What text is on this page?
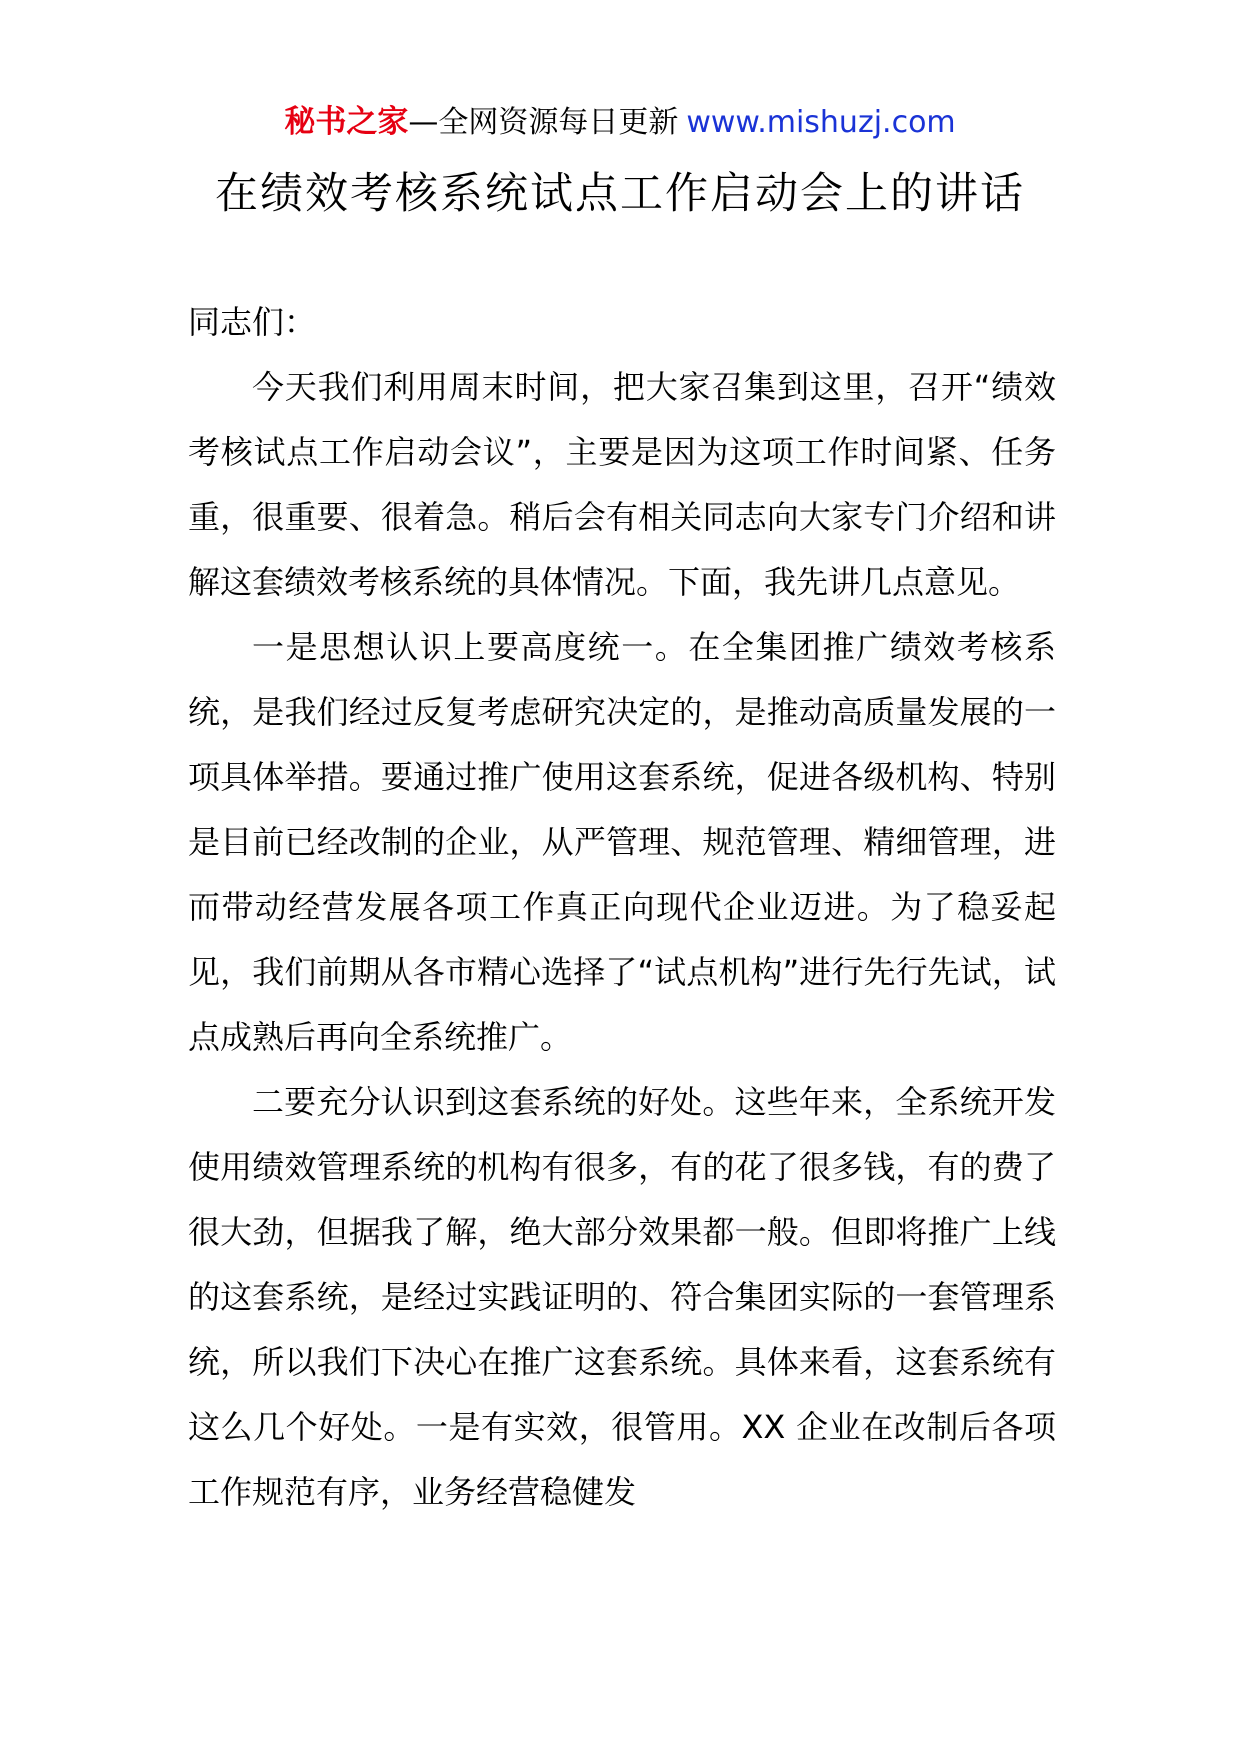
秘书之家—全网资源每日更新 www.mishuzj.com
在绩效考核系统试点工作启动会上的讲话

同志们：

今天我们利用周末时间，把大家召集到这里，召开“绩效考核试点工作启动会议”，主要是因为这项工作时间紧、任务重，很重要、很着急。稍后会有相关同志向大家专门介绍和讲解这套绩效考核系统的具体情况。下面，我先讲几点意见。

一是思想认识上要高度统一。在全集团推广绩效考核系统，是我们经过反复考虑研究决定的，是推动高质量发展的一项具体举措。要通过推广使用这套系统，促进各级机构、特别是目前已经改制的企业，从严管理、规范管理、精细管理，进而带动经营发展各项工作真正向现代企业迈进。为了稳妥起见，我们前期从各市精心选择了“试点机构”进行先行先试，试点成熟后再向全系统推广。

二要充分认识到这套系统的好处。这些年来，全系统开发使用绩效管理系统的机构有很多，有的花了很多钱，有的费了很大劲，但据我了解，绝大部分效果都一般。但即将推广上线的这套系统，是经过实践证明的、符合集团实际的一套管理系统，所以我们下决心在推广这套系统。具体来看，这套系统有这么几个好处。一是有实效，很管用。XX 企业在改制后各项工作规范有序，业务经营稳健发
